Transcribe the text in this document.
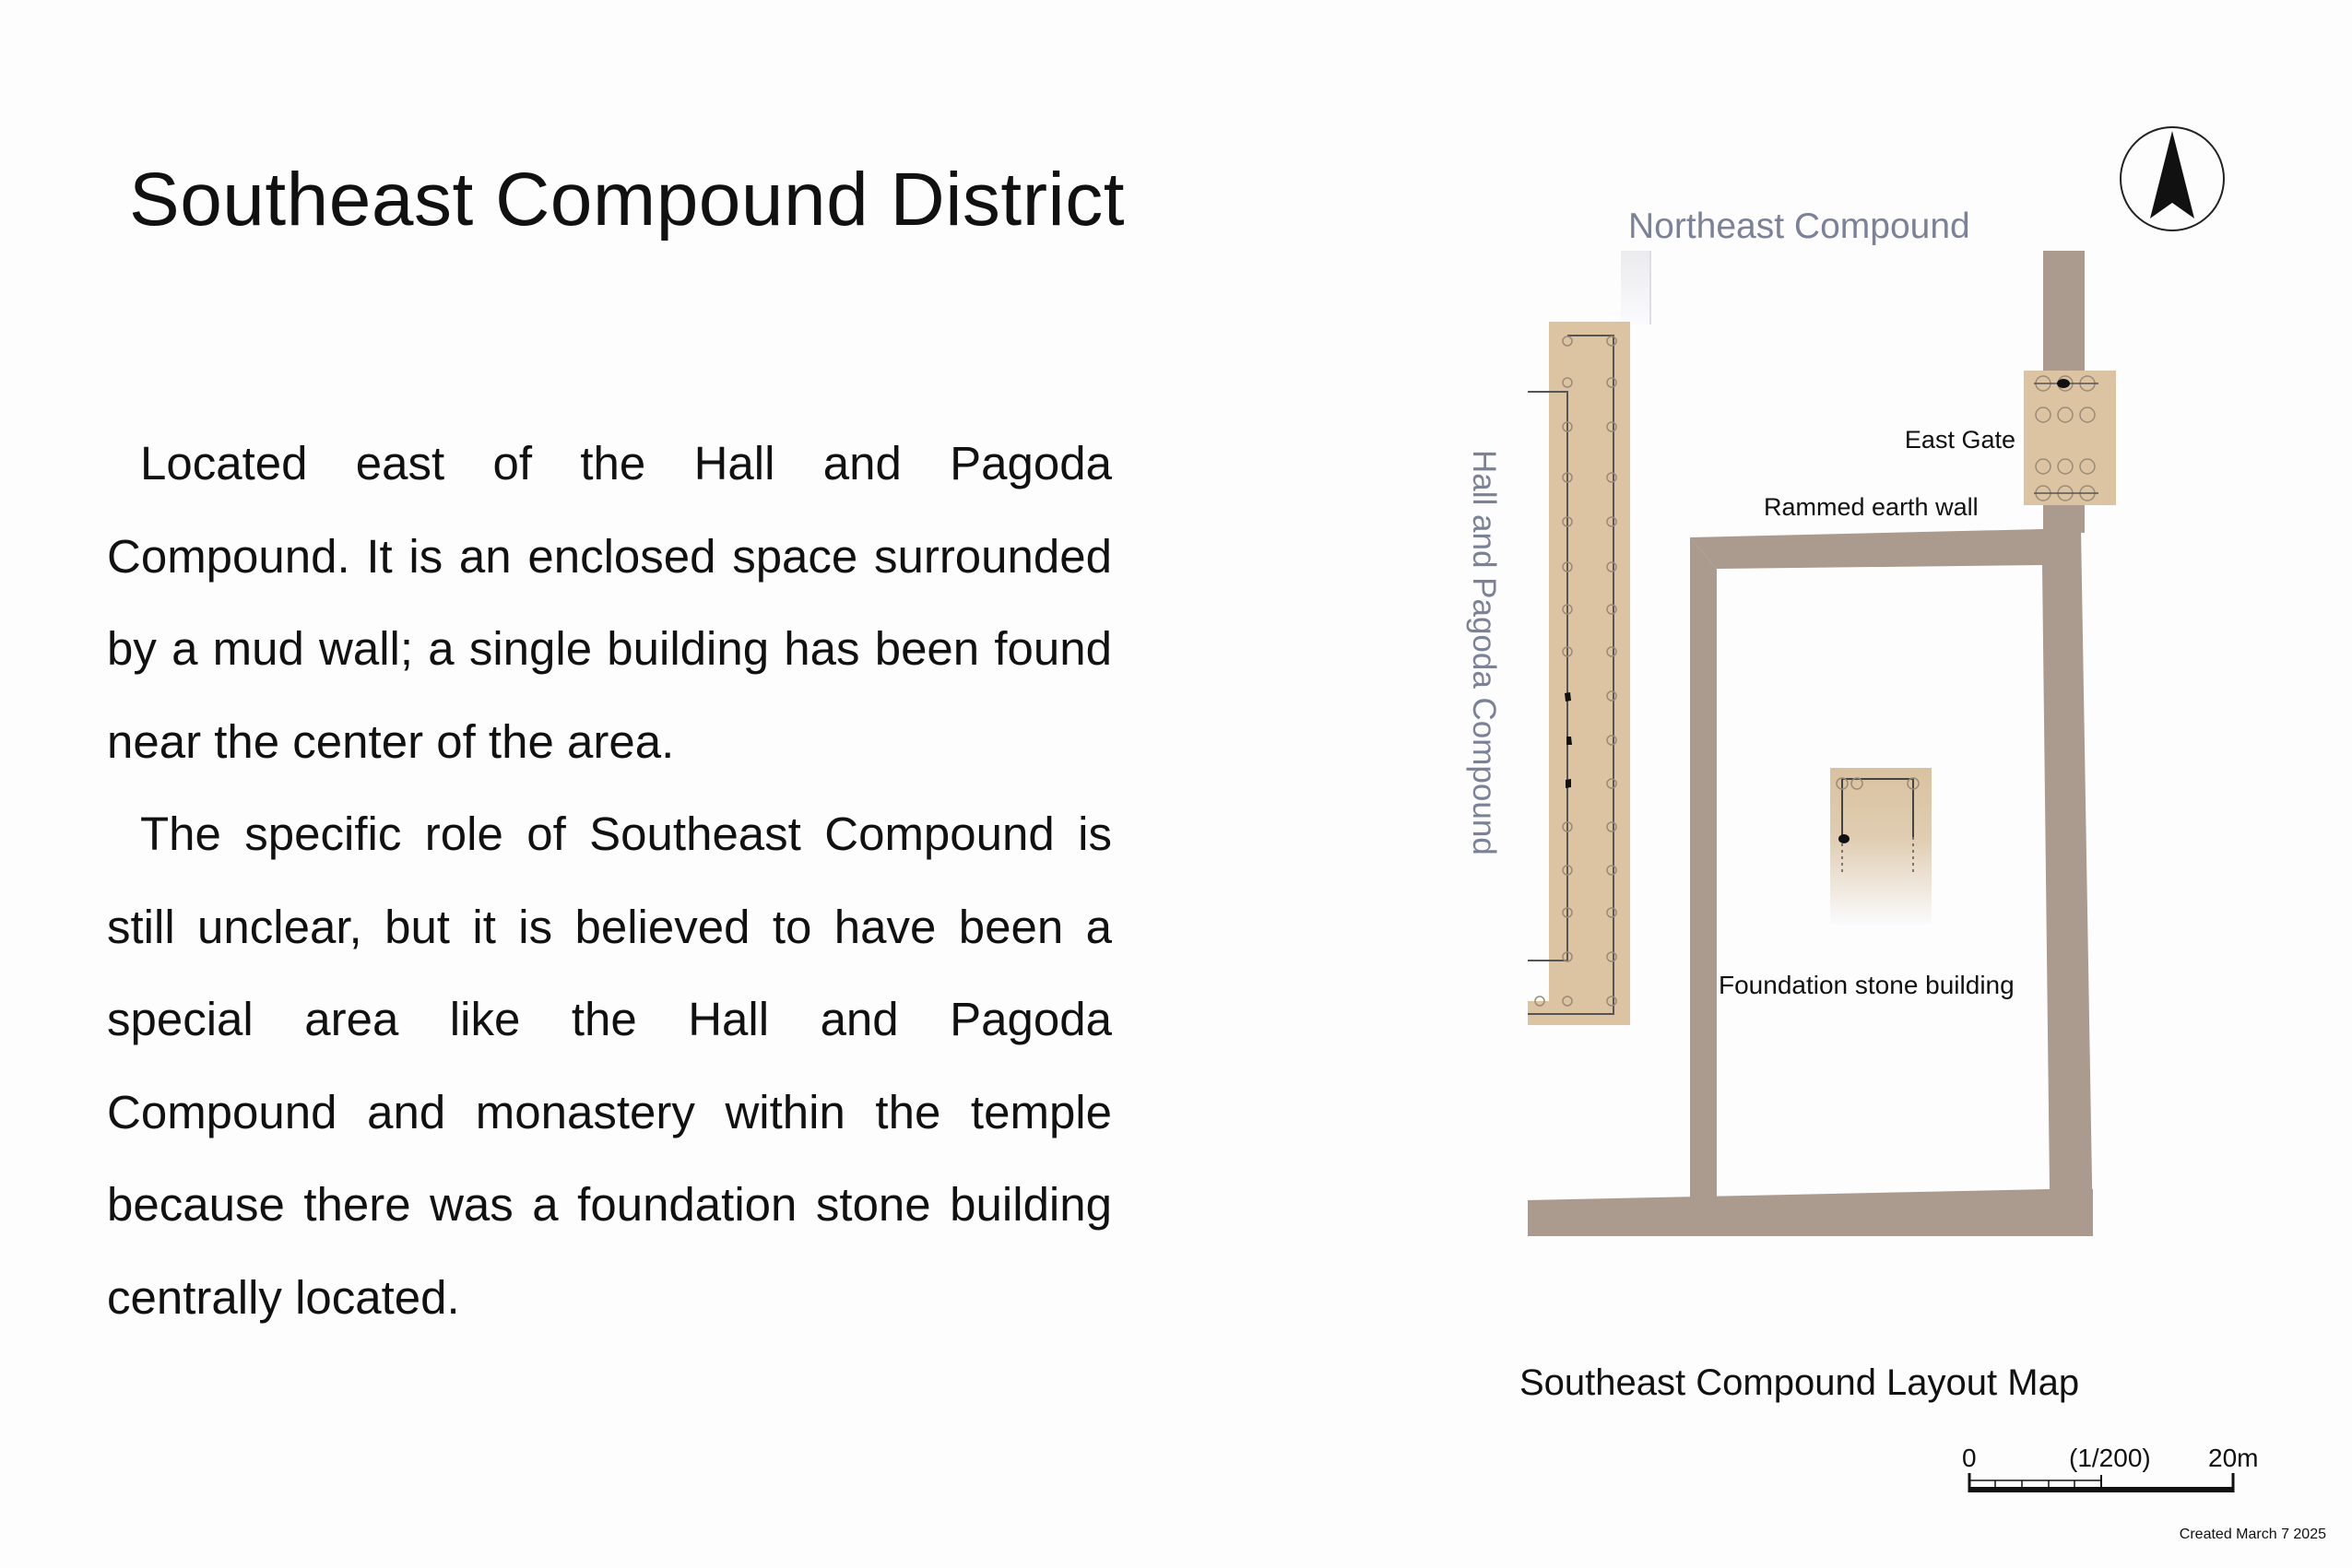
Southeast Compound District

Located east of the Hall and Pagoda Compound. It is an enclosed space surrounded by a mud wall; a single building has been found near the center of the area.

The specific role of Southeast Compound is still unclear, but it is believed to have been a special area like the Hall and Pagoda Compound and monastery within the temple because there was a foundation stone building centrally located.

Northeast Compound
Hall and Pagoda Compound
East Gate
Rammed earth wall
Foundation stone building
Southeast Compound Layout Map
0	(1/200) 20m
Created March 7 2025
